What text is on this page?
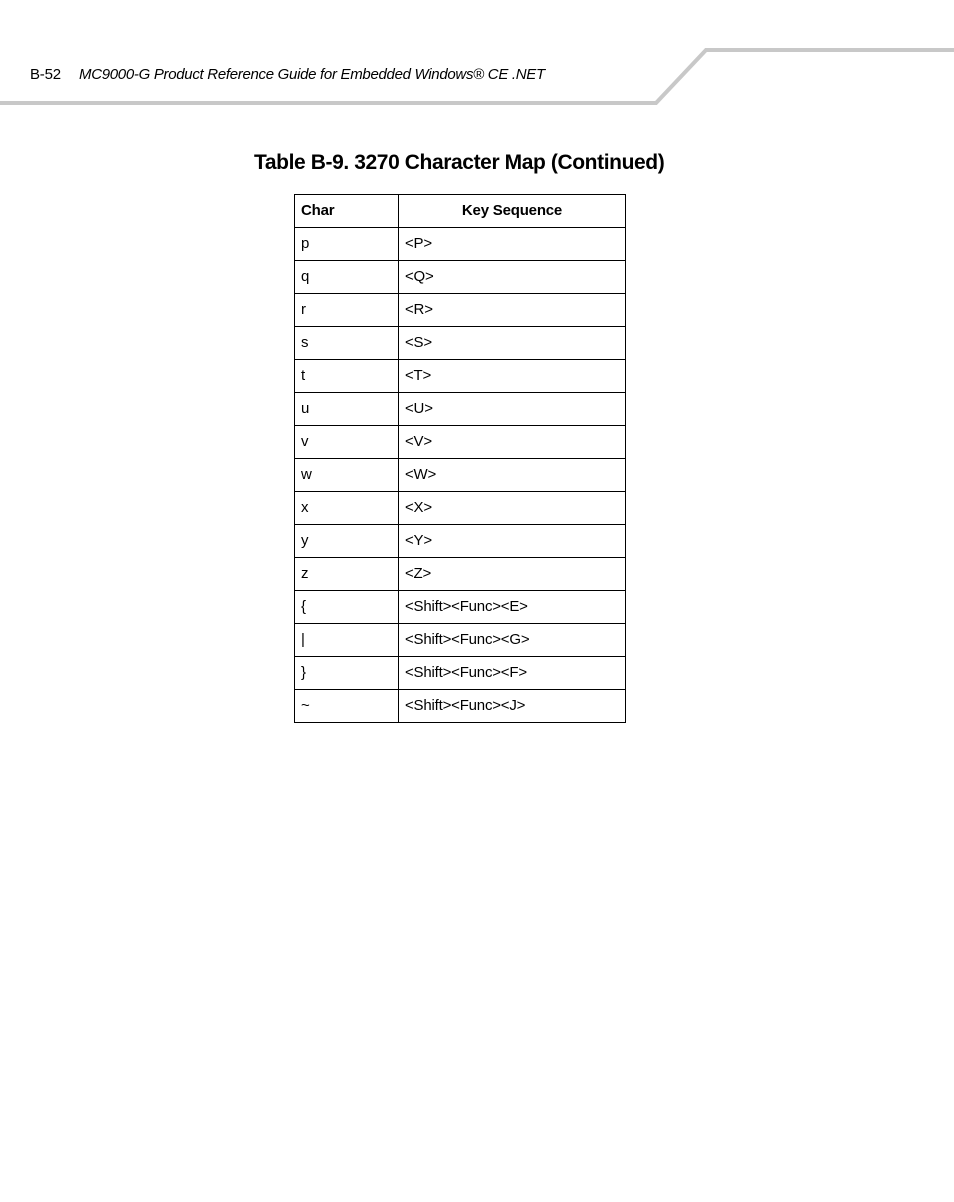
B-52 MC9000-G Product Reference Guide for Embedded Windows® CE .NET
Table B-9. 3270 Character Map (Continued)
Char	Key Sequence
p	<P>
q	<Q>
r	<R>
s	<S>
t	<T>
u	<U>
v	<V>
w	<W>
x	<X>
y	<Y>
z	<Z>
{	<Shift><Func><E>
|	<Shift><Func><G>
}	<Shift><Func><F>
~	<Shift><Func><J>
